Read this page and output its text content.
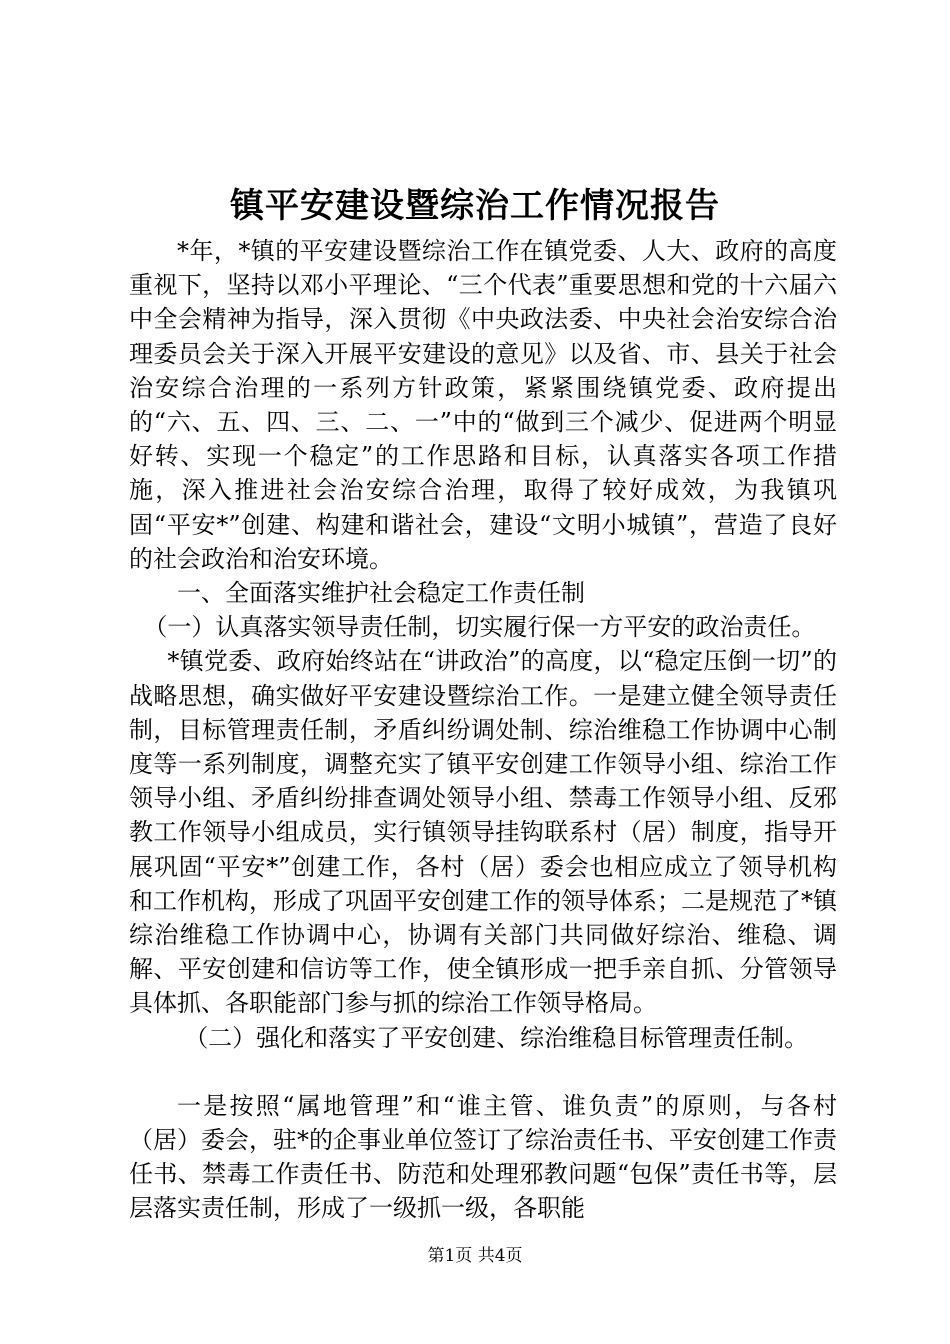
镇平安建设暨综治工作情况报告

*年，*镇的平安建设暨综治工作在镇党委、人大、政府的高度重视下，坚持以邓小平理论、“三个代表”重要思想和党的十六届六中全会精神为指导，深入贯彻《中央政法委、中央社会治安综合治理委员会关于深入开展平安建设的意见》以及省、市、县关于社会治安综合治理的一系列方针政策，紧紧围绕镇党委、政府提出的“六、五、四、三、二、一”中的“做到三个减少、促进两个明显好转、实现一个稳定”的工作思路和目标，认真落实各项工作措施，深入推进社会治安综合治理，取得了较好成效，为我镇巩固“平安*”创建、构建和谐社会，建设“文明小城镇”，营造了良好的社会政治和治安环境。

一、全面落实维护社会稳定工作责任制

（一）认真落实领导责任制，切实履行保一方平安的政治责任。

*镇党委、政府始终站在“讲政治”的高度，以“稳定压倒一切”的战略思想，确实做好平安建设暨综治工作。一是建立健全领导责任制，目标管理责任制，矛盾纠纷调处制、综治维稳工作协调中心制度等一系列制度，调整充实了镇平安创建工作领导小组、综治工作领导小组、矛盾纠纷排查调处领导小组、禁毒工作领导小组、反邪教工作领导小组成员，实行镇领导挂钩联系村（居）制度，指导开展巩固“平安*”创建工作，各村（居）委会也相应成立了领导机构和工作机构，形成了巩固平安创建工作的领导体系；二是规范了*镇综治维稳工作协调中心，协调有关部门共同做好综治、维稳、调解、平安创建和信访等工作，使全镇形成一把手亲自抓、分管领导具体抓、各职能部门参与抓的综治工作领导格局。

（二）强化和落实了平安创建、综治维稳目标管理责任制。

一是按照“属地管理”和“谁主管、谁负责”的原则，与各村（居）委会，驻*的企事业单位签订了综治责任书、平安创建工作责任书、禁毒工作责任书、防范和处理邪教问题“包保”责任书等，层层落实责任制，形成了一级抓一级，各职能

第1页 共4页
